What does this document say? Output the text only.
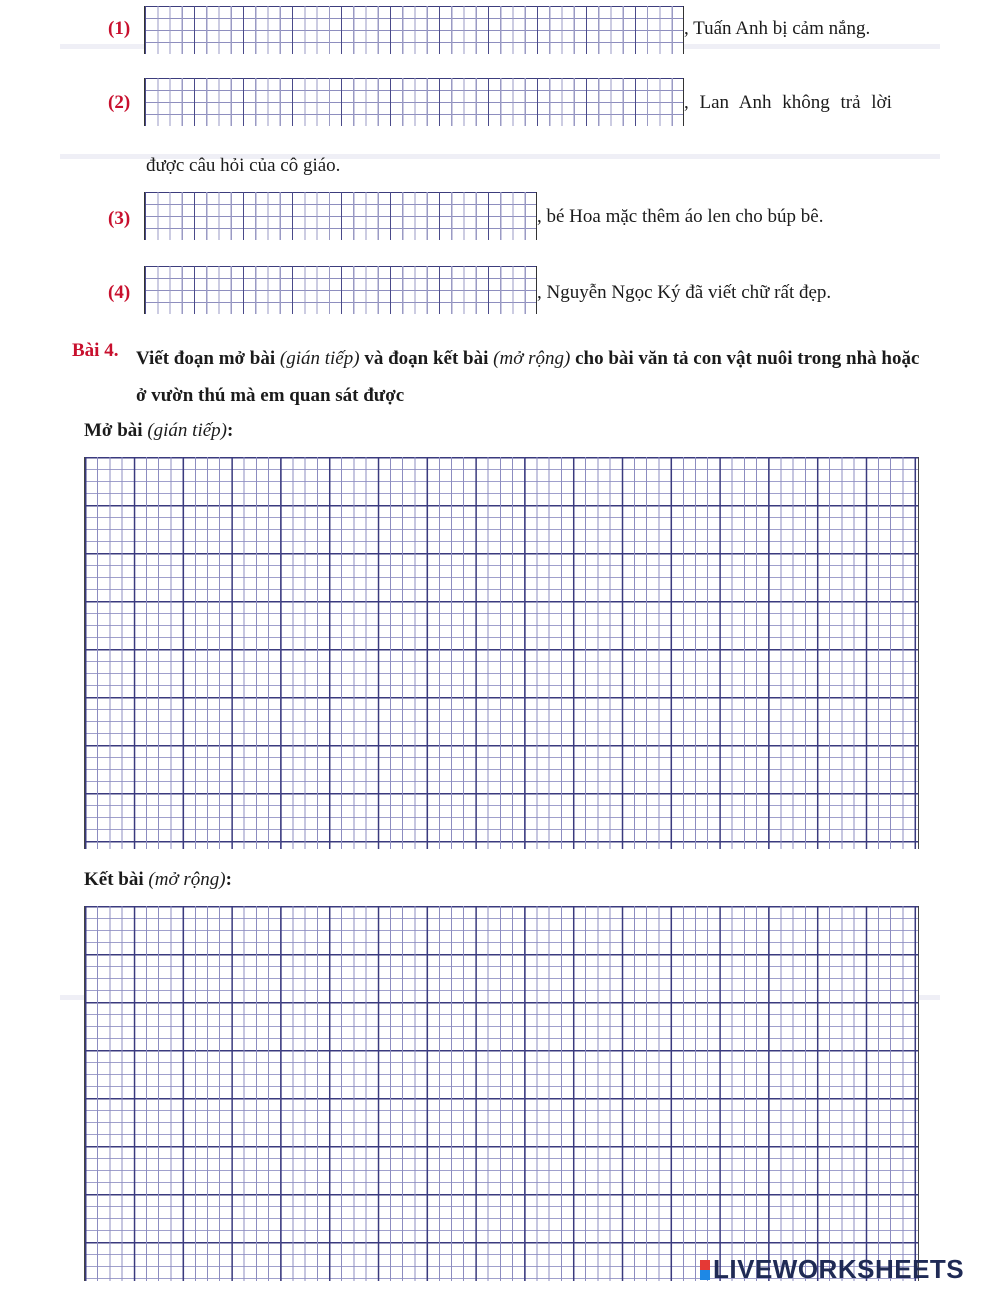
(1)	, Tuấn Anh bị cảm nắng.
(2)	, Lan Anh không trả lời
được câu hỏi của cô giáo.
(3)	, bé Hoa mặc thêm áo len cho búp bê.
(4)	, Nguyễn Ngọc Ký đã viết chữ rất đẹp.
Bài 4. Viết đoạn mở bài (gián tiếp) và đoạn kết bài (mở rộng) cho bài văn tả con vật nuôi trong nhà hoặc ở vườn thú mà em quan sát được
Mở bài (gián tiếp):
Kết bài (mở rộng):
LIVEWORKSHEETS
